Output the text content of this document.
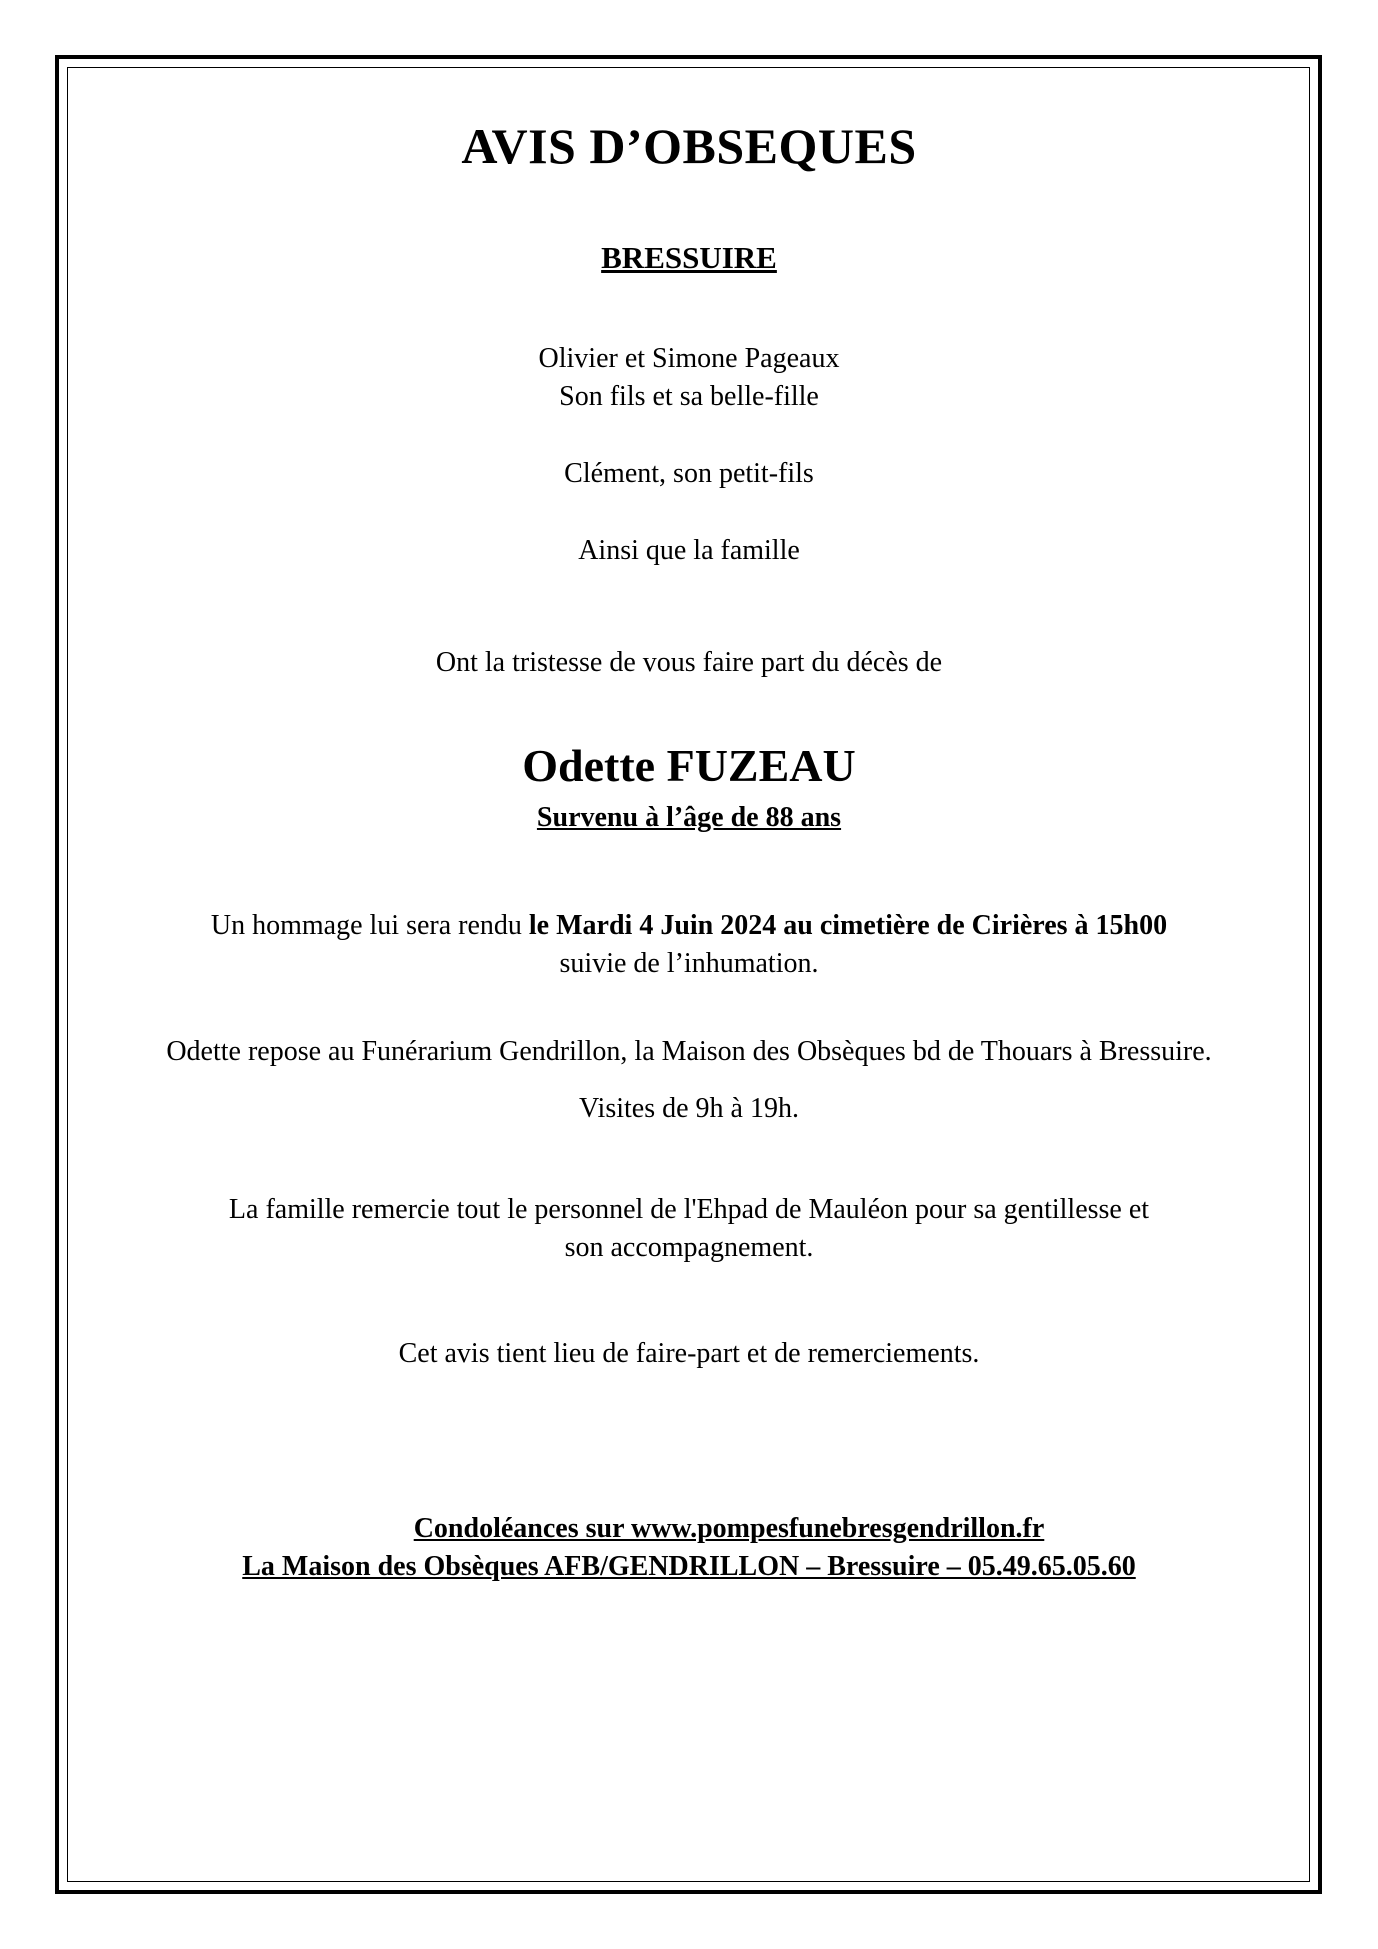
AVIS D’OBSEQUES
BRESSUIRE
Olivier et Simone Pageaux
Son fils et sa belle-fille
Clément, son petit-fils
Ainsi que la famille
Ont la tristesse de vous faire part du décès de
Odette FUZEAU
Survenu à l’âge de 88 ans
Un hommage lui sera rendu le Mardi 4 Juin 2024 au cimetière de Cirières à 15h00
suivie de l’inhumation.
Odette repose au Funérarium Gendrillon, la Maison des Obsèques bd de Thouars à Bressuire.
Visites de 9h à 19h.
La famille remercie tout le personnel de l'Ehpad de Mauléon pour sa gentillesse et
son accompagnement.
Cet avis tient lieu de faire-part et de remerciements.
Condoléances sur www.pompesfunebresgendrillon.fr
La Maison des Obsèques AFB/GENDRILLON – Bressuire – 05.49.65.05.60
